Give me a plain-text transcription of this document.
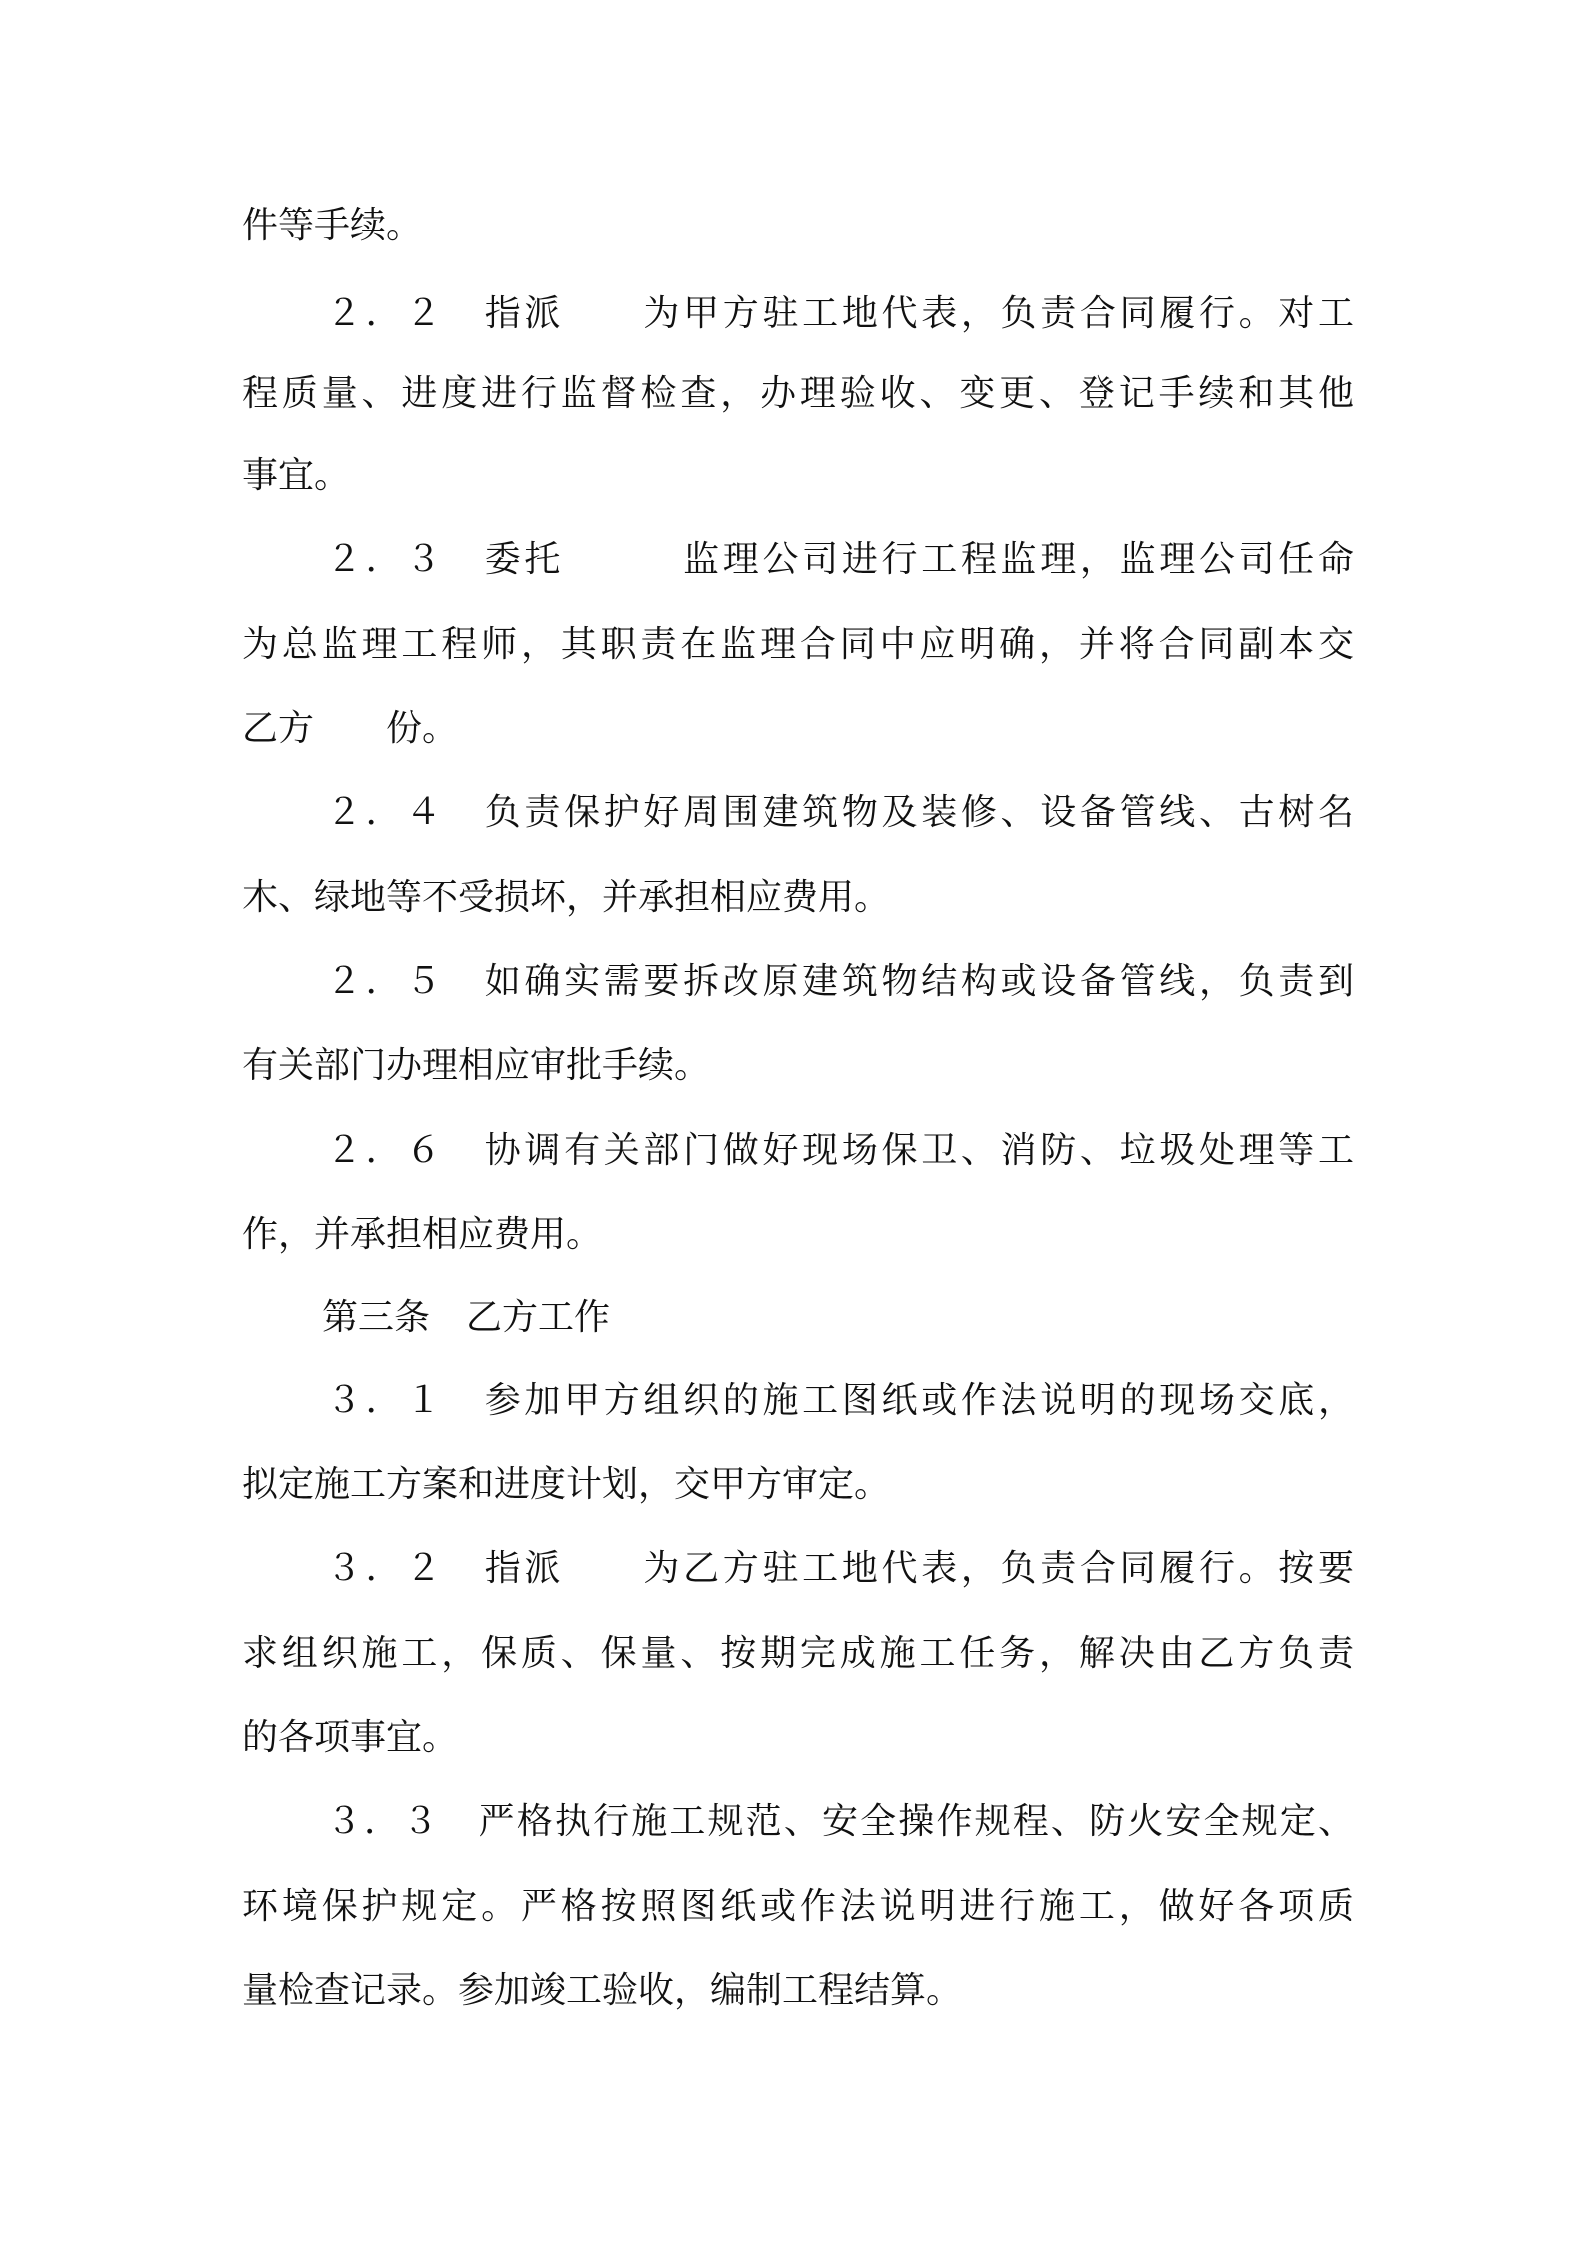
件等手续。
２．２　指派　　为甲方驻工地代表，负责合同履行。对工
程质量、进度进行监督检查，办理验收、变更、登记手续和其他
事宜。
２．３　委托　　　监理公司进行工程监理，监理公司任命
为总监理工程师，其职责在监理合同中应明确，并将合同副本交
乙方　　份。
２．４　负责保护好周围建筑物及装修、设备管线、古树名
木、绿地等不受损坏，并承担相应费用。
２．５　如确实需要拆改原建筑物结构或设备管线，负责到
有关部门办理相应审批手续。
２．６　协调有关部门做好现场保卫、消防、垃圾处理等工
作，并承担相应费用。
第三条　乙方工作
３．１　参加甲方组织的施工图纸或作法说明的现场交底，
拟定施工方案和进度计划，交甲方审定。
３．２　指派　　为乙方驻工地代表，负责合同履行。按要
求组织施工，保质、保量、按期完成施工任务，解决由乙方负责
的各项事宜。
３．３　严格执行施工规范、安全操作规程、防火安全规定、
环境保护规定。严格按照图纸或作法说明进行施工，做好各项质
量检查记录。参加竣工验收，编制工程结算。
